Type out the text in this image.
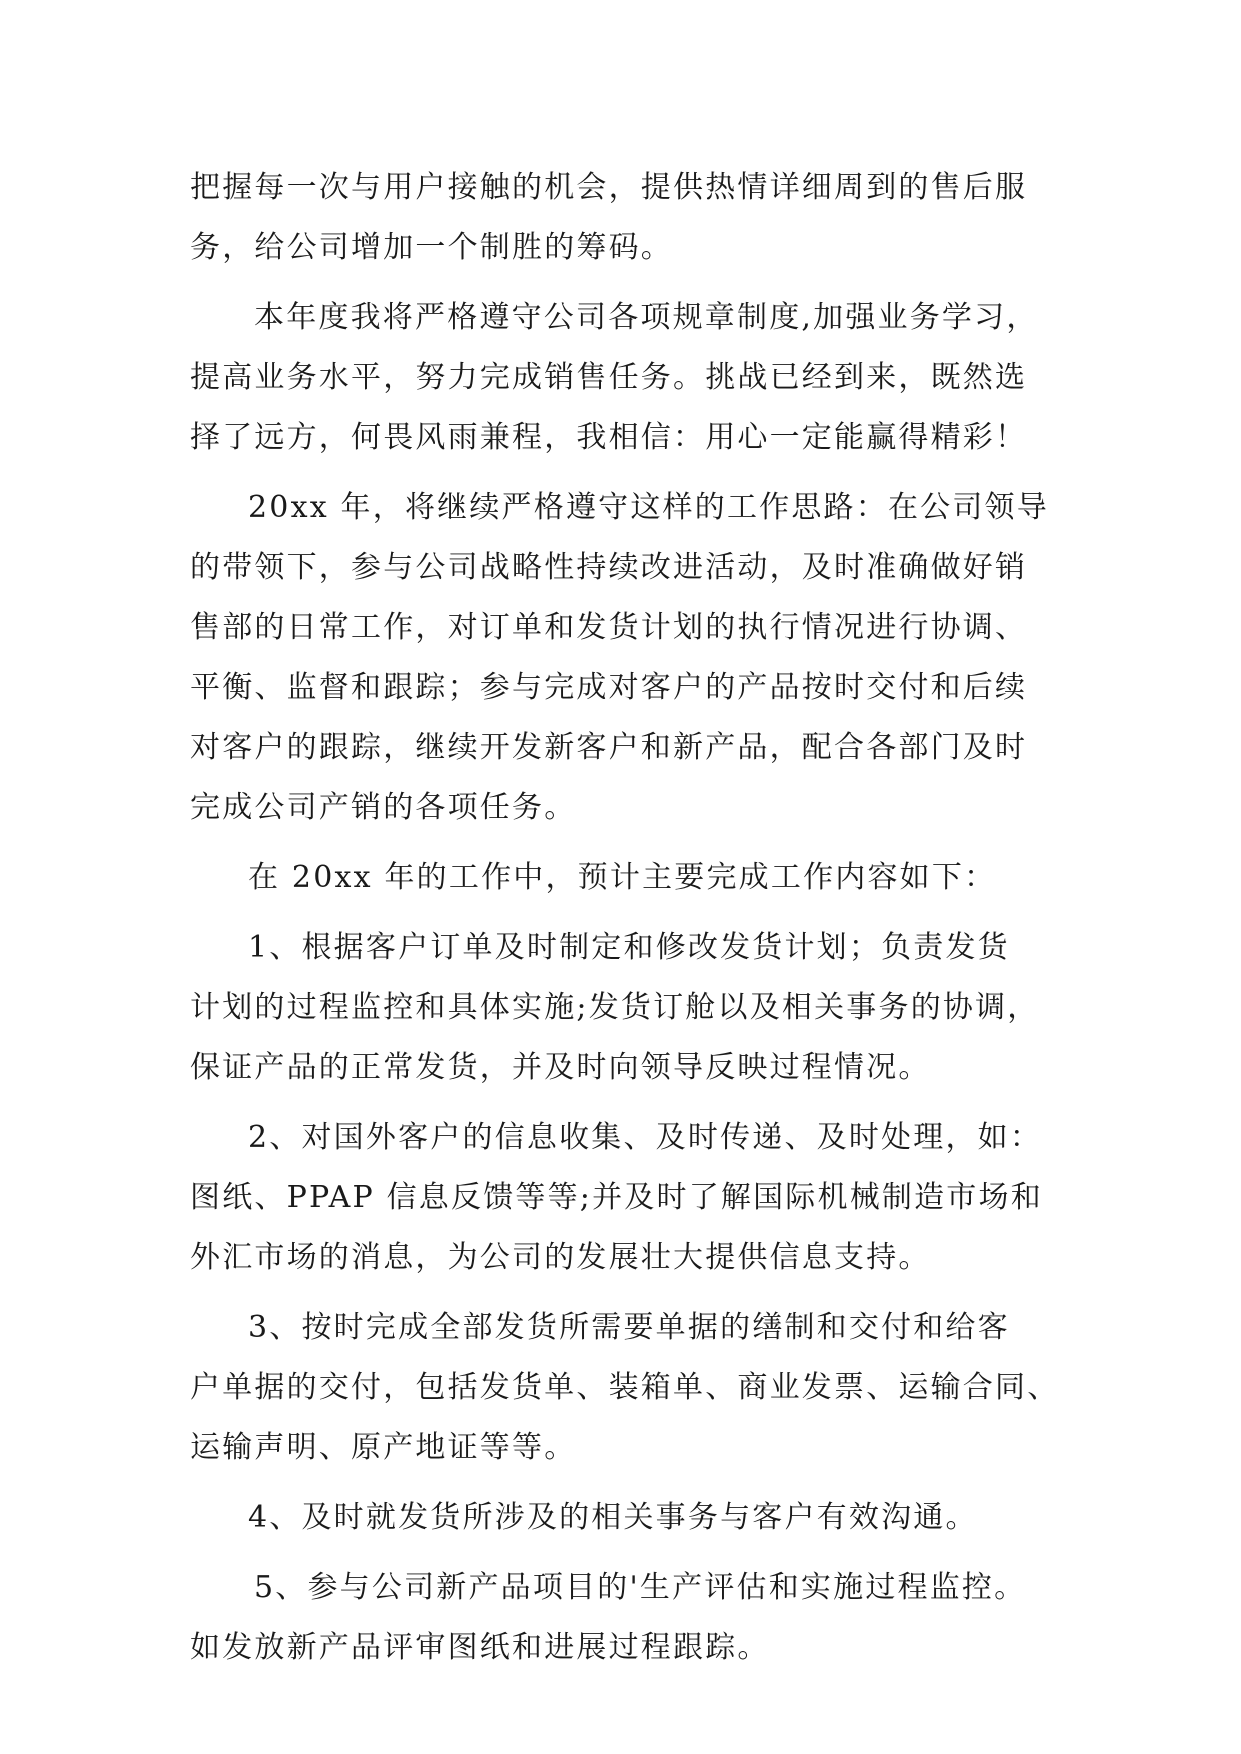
把握每一次与用户接触的机会，提供热情详细周到的售后服
务，给公司增加一个制胜的筹码。
本年度我将严格遵守公司各项规章制度,加强业务学习，
提高业务水平，努力完成销售任务。挑战已经到来，既然选
择了远方，何畏风雨兼程，我相信：用心一定能赢得精彩！
20xx 年，将继续严格遵守这样的工作思路：在公司领导
的带领下，参与公司战略性持续改进活动，及时准确做好销
售部的日常工作，对订单和发货计划的执行情况进行协调、
平衡、监督和跟踪；参与完成对客户的产品按时交付和后续
对客户的跟踪，继续开发新客户和新产品，配合各部门及时
完成公司产销的各项任务。
在 20xx 年的工作中，预计主要完成工作内容如下：
1、根据客户订单及时制定和修改发货计划；负责发货
计划的过程监控和具体实施;发货订舱以及相关事务的协调，
保证产品的正常发货，并及时向领导反映过程情况。
2、对国外客户的信息收集、及时传递、及时处理，如：
图纸、PPAP 信息反馈等等;并及时了解国际机械制造市场和
外汇市场的消息，为公司的发展壮大提供信息支持。
3、按时完成全部发货所需要单据的缮制和交付和给客
户单据的交付，包括发货单、装箱单、商业发票、运输合同、
运输声明、原产地证等等。
4、及时就发货所涉及的相关事务与客户有效沟通。
5、参与公司新产品项目的'生产评估和实施过程监控。
如发放新产品评审图纸和进展过程跟踪。
